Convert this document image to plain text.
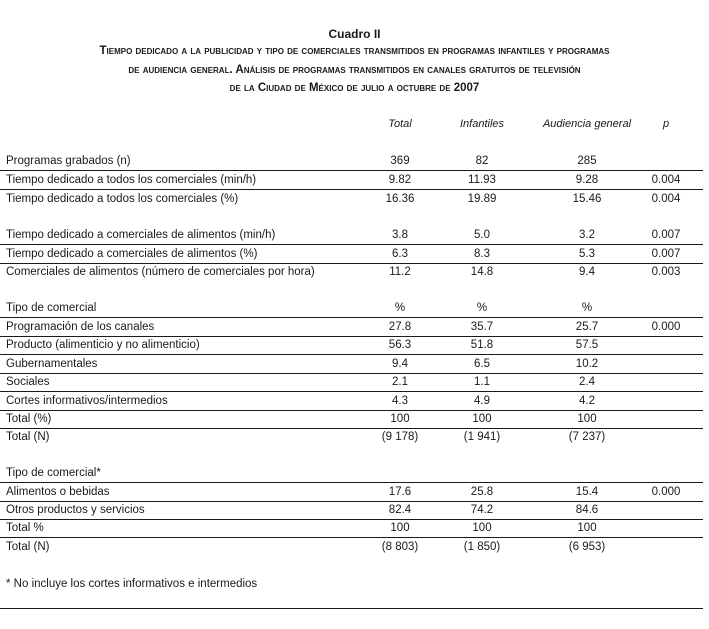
Cuadro II
Tiempo dedicado a la publicidad y tipo de comerciales transmitidos en programas infantiles y programas
de audiencia general. Análisis de programas transmitidos en canales gratuitos de televisión
de la Ciudad de México de julio a octubre de 2007
Total	Infantiles	Audiencia general	p
Programas grabados (n)	369	82	285
Tiempo dedicado a todos los comerciales (min/h)	9.82	11.93	9.28	0.004
Tiempo dedicado a todos los comerciales (%)	16.36	19.89	15.46	0.004
Tiempo dedicado a comerciales de alimentos (min/h)	3.8	5.0	3.2	0.007
Tiempo dedicado a comerciales de alimentos (%)	6.3	8.3	5.3	0.007
Comerciales de alimentos (número de comerciales por hora)	11.2	14.8	9.4	0.003
Tipo de comercial	%	%	%
Programación de los canales	27.8	35.7	25.7	0.000
Producto (alimenticio y no alimenticio)	56.3	51.8	57.5
Gubernamentales	9.4	6.5	10.2
Sociales	2.1	1.1	2.4
Cortes informativos/intermedios	4.3	4.9	4.2
Total (%)	100	100	100
Total (N)	(9 178)	(1 941)	(7 237)
Tipo de comercial*
Alimentos o bebidas	17.6	25.8	15.4	0.000
Otros productos y servicios	82.4	74.2	84.6
Total %	100	100	100
Total (N)	(8 803)	(1 850)	(6 953)
* No incluye los cortes informativos e intermedios
